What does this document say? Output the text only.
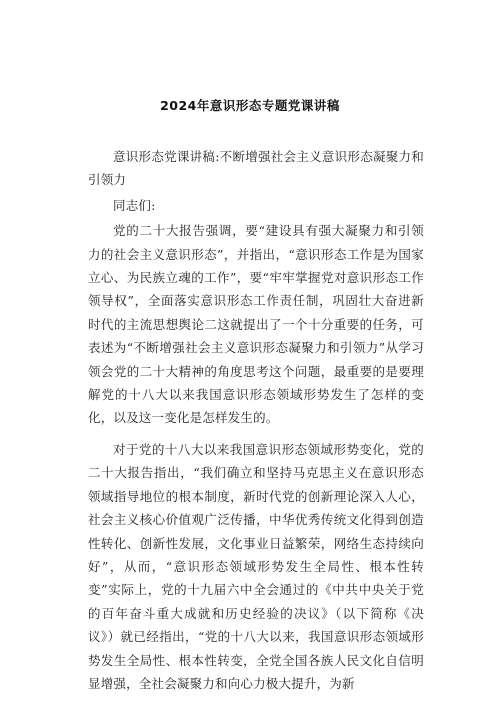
2024年意识形态专题党课讲稿

意识形态党课讲稿:不断增强社会主义意识形态凝聚力和引领力

同志们:

党的二十大报告强调，要“建设具有强大凝聚力和引领力的社会主义意识形态”，并指出，“意识形态工作是为国家立心、为民族立魂的工作”，要“牢牢掌握党对意识形态工作领导权”，全面落实意识形态工作责任制，巩固壮大奋进新时代的主流思想舆论二这就提出了一个十分重要的任务，可表述为“不断增强社会主义意识形态凝聚力和引领力”从学习领会党的二十大精神的角度思考这个问题，最重要的是要理解党的十八大以来我国意识形态领域形势发生了怎样的变化，以及这一变化是怎样发生的。

对于党的十八大以来我国意识形态领域形势变化，党的二十大报告指出，“我们确立和坚持马克思主义在意识形态领域指导地位的根本制度，新时代党的创新理论深入人心，社会主义核心价值观广泛传播，中华优秀传统文化得到创造性转化、创新性发展，文化事业日益繁荣，网络生态持续向好”，从而，“意识形态领域形势发生全局性、根本性转变”实际上，党的十九届六中全会通过的《中共中央关于党的百年奋斗重大成就和历史经验的决议》（以下简称《决议》）就已经指出，“党的十八大以来，我国意识形态领域形势发生全局性、根本性转变，全党全国各族人民文化自信明显增强，全社会凝聚力和向心力极大提升，为新
